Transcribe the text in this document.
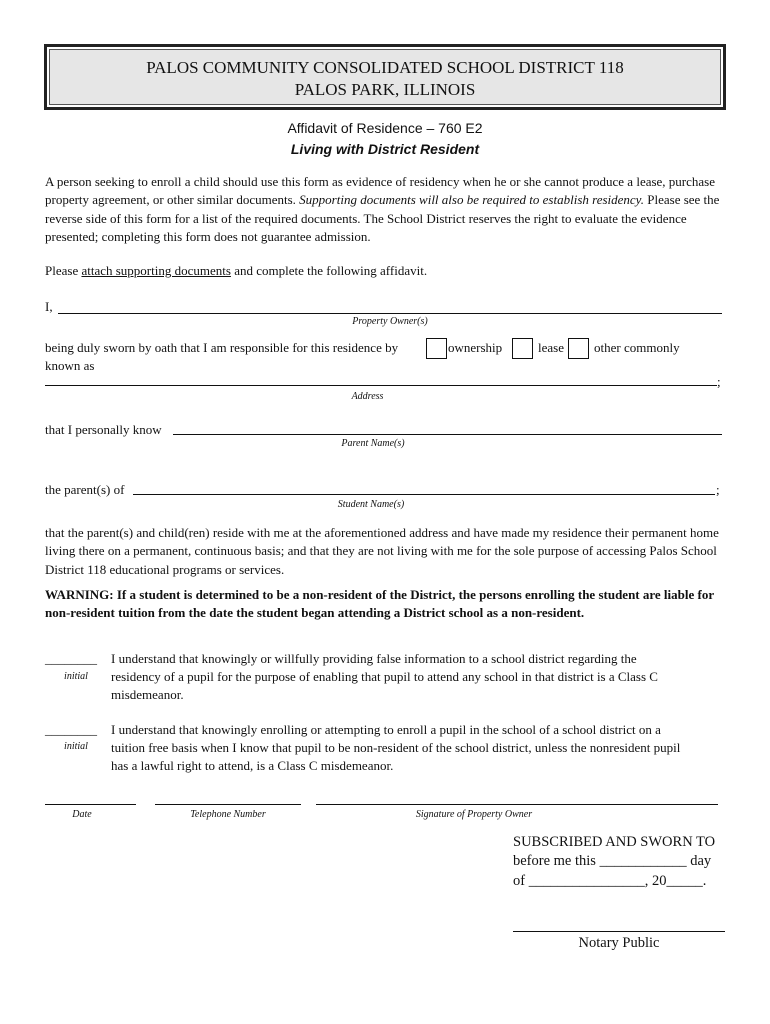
PALOS COMMUNITY CONSOLIDATED SCHOOL DISTRICT 118
PALOS PARK, ILLINOIS
Affidavit of Residence – 760 E2
Living with District Resident
A person seeking to enroll a child should use this form as evidence of residency when he or she cannot produce a lease, purchase property agreement, or other similar documents. Supporting documents will also be required to establish residency. Please see the reverse side of this form for a list of the required documents. The School District reserves the right to evaluate the evidence presented; completing this form does not guarantee admission.
Please attach supporting documents and complete the following affidavit.
I,
Property Owner(s)
being duly sworn by oath that I am responsible for this residence by	ownership	lease other commonly
known as
;
Address
that I personally know
Parent Name(s)
the parent(s) of	;
Student Name(s)
that the parent(s) and child(ren) reside with me at the aforementioned address and have made my residence their permanent home living there on a permanent, continuous basis; and that they are not living with me for the sole purpose of accessing Palos School District 118 educational programs or services.
WARNING: If a student is determined to be a non-resident of the District, the persons enrolling the student are liable for non-resident tuition from the date the student began attending a District school as a non-resident.
________
initial
I understand that knowingly or willfully providing false information to a school district regarding the
residency of a pupil for the purpose of enabling that pupil to attend any school in that district is a Class C
misdemeanor.
________
initial
I understand that knowingly enrolling or attempting to enroll a pupil in the school of a school district on a
tuition free basis when I know that pupil to be non-resident of the school district, unless the nonresident pupil
has a lawful right to attend, is a Class C misdemeanor.
Date	Telephone Number	Signature of Property Owner
SUBSCRIBED AND SWORN TO
before me this ____________ day
of ________________, 20_____.
Notary Public
